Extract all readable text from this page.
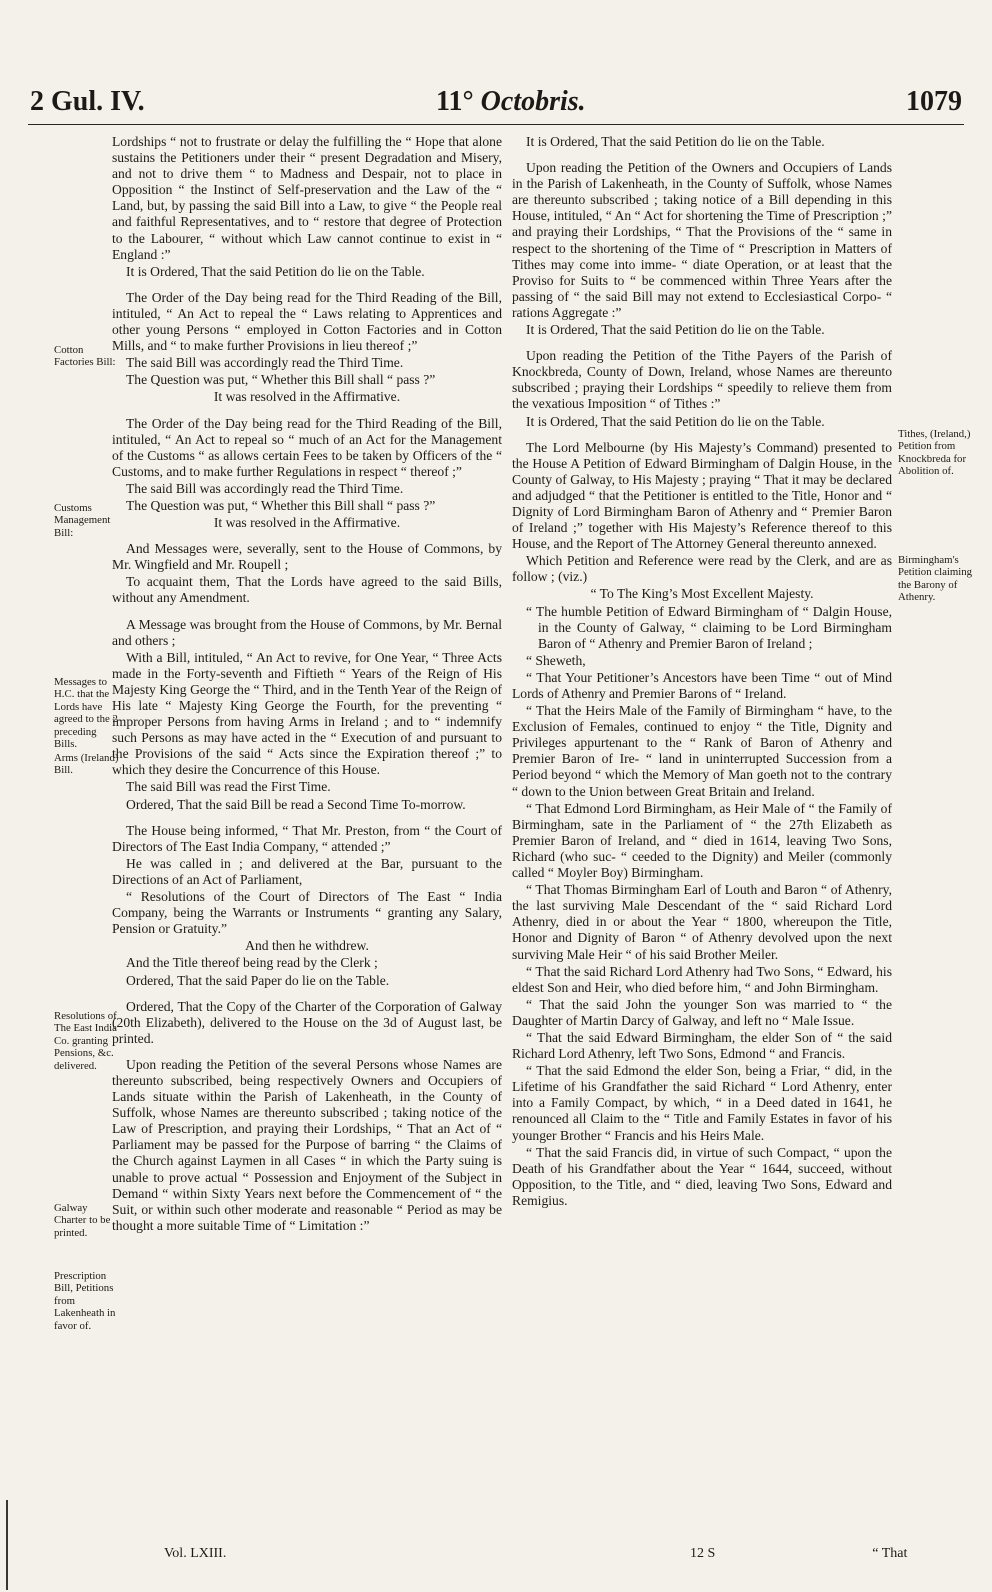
2 Gul. IV.	11° Octobris.	1079
Cotton Factories Bill:
Customs Management Bill:
Messages to H.C. that the Lords have agreed to the 2 preceding Bills.
Arms (Ireland) Bill.
Resolutions of The East India Co. granting Pensions, &c. delivered.
Galway Charter to be printed.
Prescription Bill, Petitions from Lakenheath in favor of.
Tithes, (Ireland,) Petition from Knockbreda for Abolition of.
Birmingham's Petition claiming the Barony of Athenry.

Lordships “ not to frustrate or delay the fulfilling the “ Hope that alone sustains the Petitioners under their “ present Degradation and Misery, and not to drive them “ to Madness and Despair, not to place in Opposition “ the Instinct of Self-preservation and the Law of the “ Land, but, by passing the said Bill into a Law, to give “ the People real and faithful Representatives, and to “ restore that degree of Protection to the Labourer, “ without which Law cannot continue to exist in “ England :”

It is Ordered, That the said Petition do lie on the Table.

The Order of the Day being read for the Third Reading of the Bill, intituled, “ An Act to repeal the “ Laws relating to Apprentices and other young Persons “ employed in Cotton Factories and in Cotton Mills, and “ to make further Provisions in lieu thereof ;”

The said Bill was accordingly read the Third Time.

The Question was put, “ Whether this Bill shall “ pass ?”

It was resolved in the Affirmative.

The Order of the Day being read for the Third Reading of the Bill, intituled, “ An Act to repeal so “ much of an Act for the Management of the Customs “ as allows certain Fees to be taken by Officers of the “ Customs, and to make further Regulations in respect “ thereof ;”

The said Bill was accordingly read the Third Time.

The Question was put, “ Whether this Bill shall “ pass ?”

It was resolved in the Affirmative.

And Messages were, severally, sent to the House of Commons, by Mr. Wingfield and Mr. Roupell ;

To acquaint them, That the Lords have agreed to the said Bills, without any Amendment.

A Message was brought from the House of Commons, by Mr. Bernal and others ;

With a Bill, intituled, “ An Act to revive, for One Year, “ Three Acts made in the Forty-seventh and Fiftieth “ Years of the Reign of His Majesty King George the “ Third, and in the Tenth Year of the Reign of His late “ Majesty King George the Fourth, for the preventing “ improper Persons from having Arms in Ireland ; and to “ indemnify such Persons as may have acted in the “ Execution of and pursuant to the Provisions of the said “ Acts since the Expiration thereof ;” to which they desire the Concurrence of this House.

The said Bill was read the First Time.

Ordered, That the said Bill be read a Second Time To-morrow.

The House being informed, “ That Mr. Preston, from “ the Court of Directors of The East India Company, “ attended ;”

He was called in ; and delivered at the Bar, pursuant to the Directions of an Act of Parliament,

“ Resolutions of the Court of Directors of The East “ India Company, being the Warrants or Instruments “ granting any Salary, Pension or Gratuity.”

And then he withdrew.

And the Title thereof being read by the Clerk ;

Ordered, That the said Paper do lie on the Table.

Ordered, That the Copy of the Charter of the Corporation of Galway (20th Elizabeth), delivered to the House on the 3d of August last, be printed.

Upon reading the Petition of the several Persons whose Names are thereunto subscribed, being respectively Owners and Occupiers of Lands situate within the Parish of Lakenheath, in the County of Suffolk, whose Names are thereunto subscribed ; taking notice of the Law of Prescription, and praying their Lordships, “ That an Act of “ Parliament may be passed for the Purpose of barring “ the Claims of the Church against Laymen in all Cases “ in which the Party suing is unable to prove actual “ Possession and Enjoyment of the Subject in Demand “ within Sixty Years next before the Commencement of “ the Suit, or within such other moderate and reasonable “ Period as may be thought a more suitable Time of “ Limitation :”

It is Ordered, That the said Petition do lie on the Table.

Upon reading the Petition of the Owners and Occupiers of Lands in the Parish of Lakenheath, in the County of Suffolk, whose Names are thereunto subscribed ; taking notice of a Bill depending in this House, intituled, “ An “ Act for shortening the Time of Prescription ;” and praying their Lordships, “ That the Provisions of the “ same in respect to the shortening of the Time of “ Prescription in Matters of Tithes may come into imme- “ diate Operation, or at least that the Proviso for Suits to “ be commenced within Three Years after the passing of “ the said Bill may not extend to Ecclesiastical Corpo- “ rations Aggregate :”

It is Ordered, That the said Petition do lie on the Table.

Upon reading the Petition of the Tithe Payers of the Parish of Knockbreda, County of Down, Ireland, whose Names are thereunto subscribed ; praying their Lordships “ speedily to relieve them from the vexatious Imposition “ of Tithes :”

It is Ordered, That the said Petition do lie on the Table.

The Lord Melbourne (by His Majesty’s Command) presented to the House A Petition of Edward Birmingham of Dalgin House, in the County of Galway, to His Majesty ; praying “ That it may be declared and adjudged “ that the Petitioner is entitled to the Title, Honor and “ Dignity of Lord Birmingham Baron of Athenry and “ Premier Baron of Ireland ;” together with His Majesty’s Reference thereof to this House, and the Report of The Attorney General thereunto annexed.

Which Petition and Reference were read by the Clerk, and are as follow ; (viz.)

“ To The King’s Most Excellent Majesty.

“ The humble Petition of Edward Birmingham of “ Dalgin House, in the County of Galway, “ claiming to be Lord Birmingham Baron of “ Athenry and Premier Baron of Ireland ;

“ Sheweth,

“ That Your Petitioner’s Ancestors have been Time “ out of Mind Lords of Athenry and Premier Barons of “ Ireland.

“ That the Heirs Male of the Family of Birmingham “ have, to the Exclusion of Females, continued to enjoy “ the Title, Dignity and Privileges appurtenant to the “ Rank of Baron of Athenry and Premier Baron of Ire- “ land in uninterrupted Succession from a Period beyond “ which the Memory of Man goeth not to the contrary “ down to the Union between Great Britain and Ireland.

“ That Edmond Lord Birmingham, as Heir Male of “ the Family of Birmingham, sate in the Parliament of “ the 27th Elizabeth as Premier Baron of Ireland, and “ died in 1614, leaving Two Sons, Richard (who suc- “ ceeded to the Dignity) and Meiler (commonly called “ Moyler Boy) Birmingham.

“ That Thomas Birmingham Earl of Louth and Baron “ of Athenry, the last surviving Male Descendant of the “ said Richard Lord Athenry, died in or about the Year “ 1800, whereupon the Title, Honor and Dignity of Baron “ of Athenry devolved upon the next surviving Male Heir “ of his said Brother Meiler.

“ That the said Richard Lord Athenry had Two Sons, “ Edward, his eldest Son and Heir, who died before him, “ and John Birmingham.

“ That the said John the younger Son was married to “ the Daughter of Martin Darcy of Galway, and left no “ Male Issue.

“ That the said Edward Birmingham, the elder Son of “ the said Richard Lord Athenry, left Two Sons, Edmond “ and Francis.

“ That the said Edmond the elder Son, being a Friar, “ did, in the Lifetime of his Grandfather the said Richard “ Lord Athenry, enter into a Family Compact, by which, “ in a Deed dated in 1641, he renounced all Claim to the “ Title and Family Estates in favor of his younger Brother “ Francis and his Heirs Male.

“ That the said Francis did, in virtue of such Compact, “ upon the Death of his Grandfather about the Year “ 1644, succeed, without Opposition, to the Title, and “ died, leaving Two Sons, Edward and Remigius.

Vol. LXIII.	12 S	“ That
